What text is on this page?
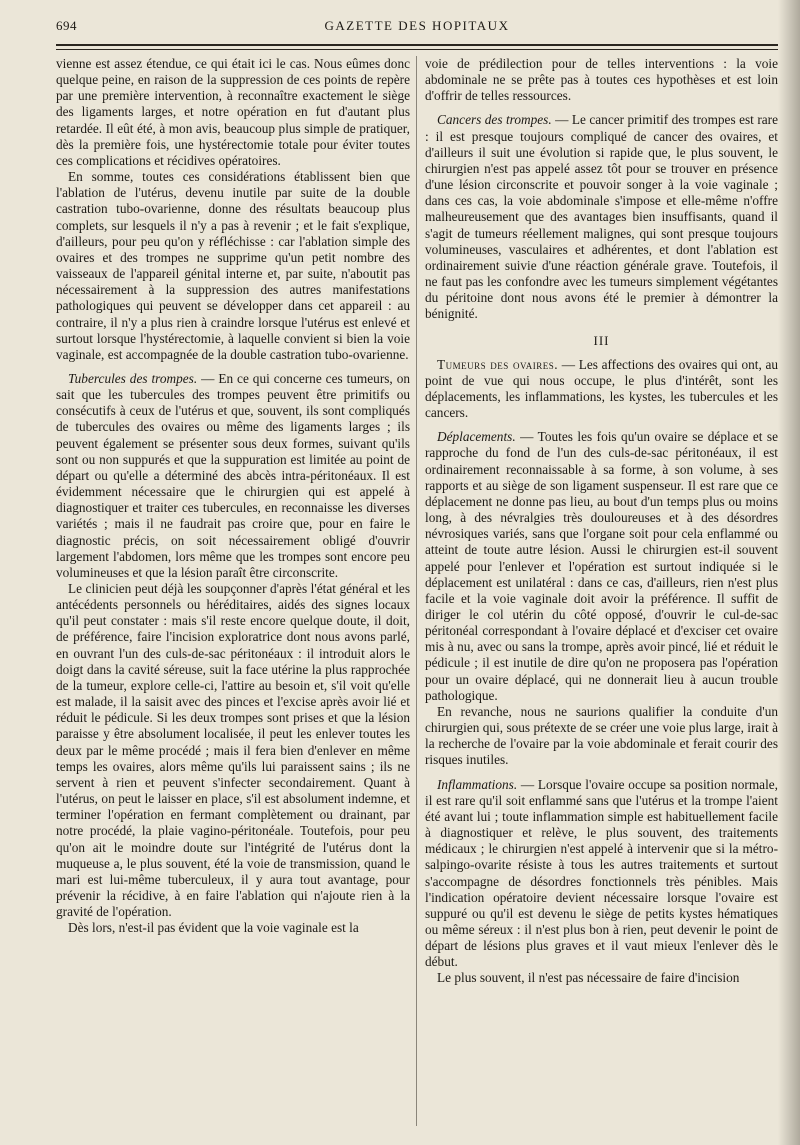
694	GAZETTE DES HOPITAUX

vienne est assez étendue, ce qui était ici le cas. Nous eûmes donc quelque peine, en raison de la suppression de ces points de repère par une première intervention, à reconnaître exactement le siège des ligaments larges, et notre opération en fut d'autant plus retardée. Il eût été, à mon avis, beaucoup plus simple de pratiquer, dès la première fois, une hystérectomie totale pour éviter toutes ces complications et récidives opératoires.

En somme, toutes ces considérations établissent bien que l'ablation de l'utérus, devenu inutile par suite de la double castration tubo-ovarienne, donne des résultats beaucoup plus complets, sur lesquels il n'y a pas à revenir ; et le fait s'explique, d'ailleurs, pour peu qu'on y réfléchisse : car l'ablation simple des ovaires et des trompes ne supprime qu'un petit nombre des vaisseaux de l'appareil génital interne et, par suite, n'aboutit pas nécessairement à la suppression des autres manifestations pathologiques qui peuvent se développer dans cet appareil : au contraire, il n'y a plus rien à craindre lorsque l'utérus est enlevé et surtout lorsque l'hystérectomie, à laquelle convient si bien la voie vaginale, est accompagnée de la double castration tubo-ovarienne.

Tubercules des trompes. — En ce qui concerne ces tumeurs, on sait que les tubercules des trompes peuvent être primitifs ou consécutifs à ceux de l'utérus et que, souvent, ils sont compliqués de tubercules des ovaires ou même des ligaments larges ; ils peuvent également se présenter sous deux formes, suivant qu'ils sont ou non suppurés et que la suppuration est limitée au point de départ ou qu'elle a déterminé des abcès intra-péritonéaux. Il est évidemment nécessaire que le chirurgien qui est appelé à diagnostiquer et traiter ces tubercules, en reconnaisse les diverses variétés ; mais il ne faudrait pas croire que, pour en faire le diagnostic précis, on soit nécessairement obligé d'ouvrir largement l'abdomen, lors même que les trompes sont encore peu volumineuses et que la lésion paraît être circonscrite.

Le clinicien peut déjà les soupçonner d'après l'état général et les antécédents personnels ou héréditaires, aidés des signes locaux qu'il peut constater : mais s'il reste encore quelque doute, il doit, de préférence, faire l'incision exploratrice dont nous avons parlé, en ouvrant l'un des culs-de-sac péritonéaux : il introduit alors le doigt dans la cavité séreuse, suit la face utérine la plus rapprochée de la tumeur, explore celle-ci, l'attire au besoin et, s'il voit qu'elle est malade, il la saisit avec des pinces et l'excise après avoir lié et réduit le pédicule. Si les deux trompes sont prises et que la lésion paraisse y être absolument localisée, il peut les enlever toutes les deux par le même procédé ; mais il fera bien d'enlever en même temps les ovaires, alors même qu'ils lui paraissent sains ; ils ne servent à rien et peuvent s'infecter secondairement. Quant à l'utérus, on peut le laisser en place, s'il est absolument indemne, et terminer l'opération en fermant complètement ou drainant, par notre procédé, la plaie vagino-péritonéale. Toutefois, pour peu qu'on ait le moindre doute sur l'intégrité de l'utérus dont la muqueuse a, le plus souvent, été la voie de transmission, quand le mari est lui-même tuberculeux, il y aura tout avantage, pour prévenir la récidive, à en faire l'ablation qui n'ajoute rien à la gravité de l'opération.

Dès lors, n'est-il pas évident que la voie vaginale est la

voie de prédilection pour de telles interventions : la voie abdominale ne se prête pas à toutes ces hypothèses et est loin d'offrir de telles ressources.

Cancers des trompes. — Le cancer primitif des trompes est rare : il est presque toujours compliqué de cancer des ovaires, et d'ailleurs il suit une évolution si rapide que, le plus souvent, le chirurgien n'est pas appelé assez tôt pour se trouver en présence d'une lésion circonscrite et pouvoir songer à la voie vaginale ; dans ces cas, la voie abdominale s'impose et elle-même n'offre malheureusement que des avantages bien insuffisants, quand il s'agit de tumeurs réellement malignes, qui sont presque toujours volumineuses, vasculaires et adhérentes, et dont l'ablation est ordinairement suivie d'une réaction générale grave. Toutefois, il ne faut pas les confondre avec les tumeurs simplement végétantes du péritoine dont nous avons été le premier à démontrer la bénignité.

III

Tumeurs des ovaires. — Les affections des ovaires qui ont, au point de vue qui nous occupe, le plus d'intérêt, sont les déplacements, les inflammations, les kystes, les tubercules et les cancers.

Déplacements. — Toutes les fois qu'un ovaire se déplace et se rapproche du fond de l'un des culs-de-sac péritonéaux, il est ordinairement reconnaissable à sa forme, à son volume, à ses rapports et au siège de son ligament suspenseur. Il est rare que ce déplacement ne donne pas lieu, au bout d'un temps plus ou moins long, à des névralgies très douloureuses et à des désordres névrosiques variés, sans que l'organe soit pour cela enflammé ou atteint de toute autre lésion. Aussi le chirurgien est-il souvent appelé pour l'enlever et l'opération est surtout indiquée si le déplacement est unilatéral : dans ce cas, d'ailleurs, rien n'est plus facile et la voie vaginale doit avoir la préférence. Il suffit de diriger le col utérin du côté opposé, d'ouvrir le cul-de-sac péritonéal correspondant à l'ovaire déplacé et d'exciser cet ovaire mis à nu, avec ou sans la trompe, après avoir pincé, lié et réduit le pédicule ; il est inutile de dire qu'on ne proposera pas l'opération pour un ovaire déplacé, qui ne donnerait lieu à aucun trouble pathologique.

En revanche, nous ne saurions qualifier la conduite d'un chirurgien qui, sous prétexte de se créer une voie plus large, irait à la recherche de l'ovaire par la voie abdominale et ferait courir des risques inutiles.

Inflammations. — Lorsque l'ovaire occupe sa position normale, il est rare qu'il soit enflammé sans que l'utérus et la trompe l'aient été avant lui ; toute inflammation simple est habituellement facile à diagnostiquer et relève, le plus souvent, des traitements médicaux ; le chirurgien n'est appelé à intervenir que si la métro-salpingo-ovarite résiste à tous les autres traitements et surtout s'accompagne de désordres fonctionnels très pénibles. Mais l'indication opératoire devient nécessaire lorsque l'ovaire est suppuré ou qu'il est devenu le siège de petits kystes hématiques ou même séreux : il n'est plus bon à rien, peut devenir le point de départ de lésions plus graves et il vaut mieux l'enlever dès le début.

Le plus souvent, il n'est pas nécessaire de faire d'incision
